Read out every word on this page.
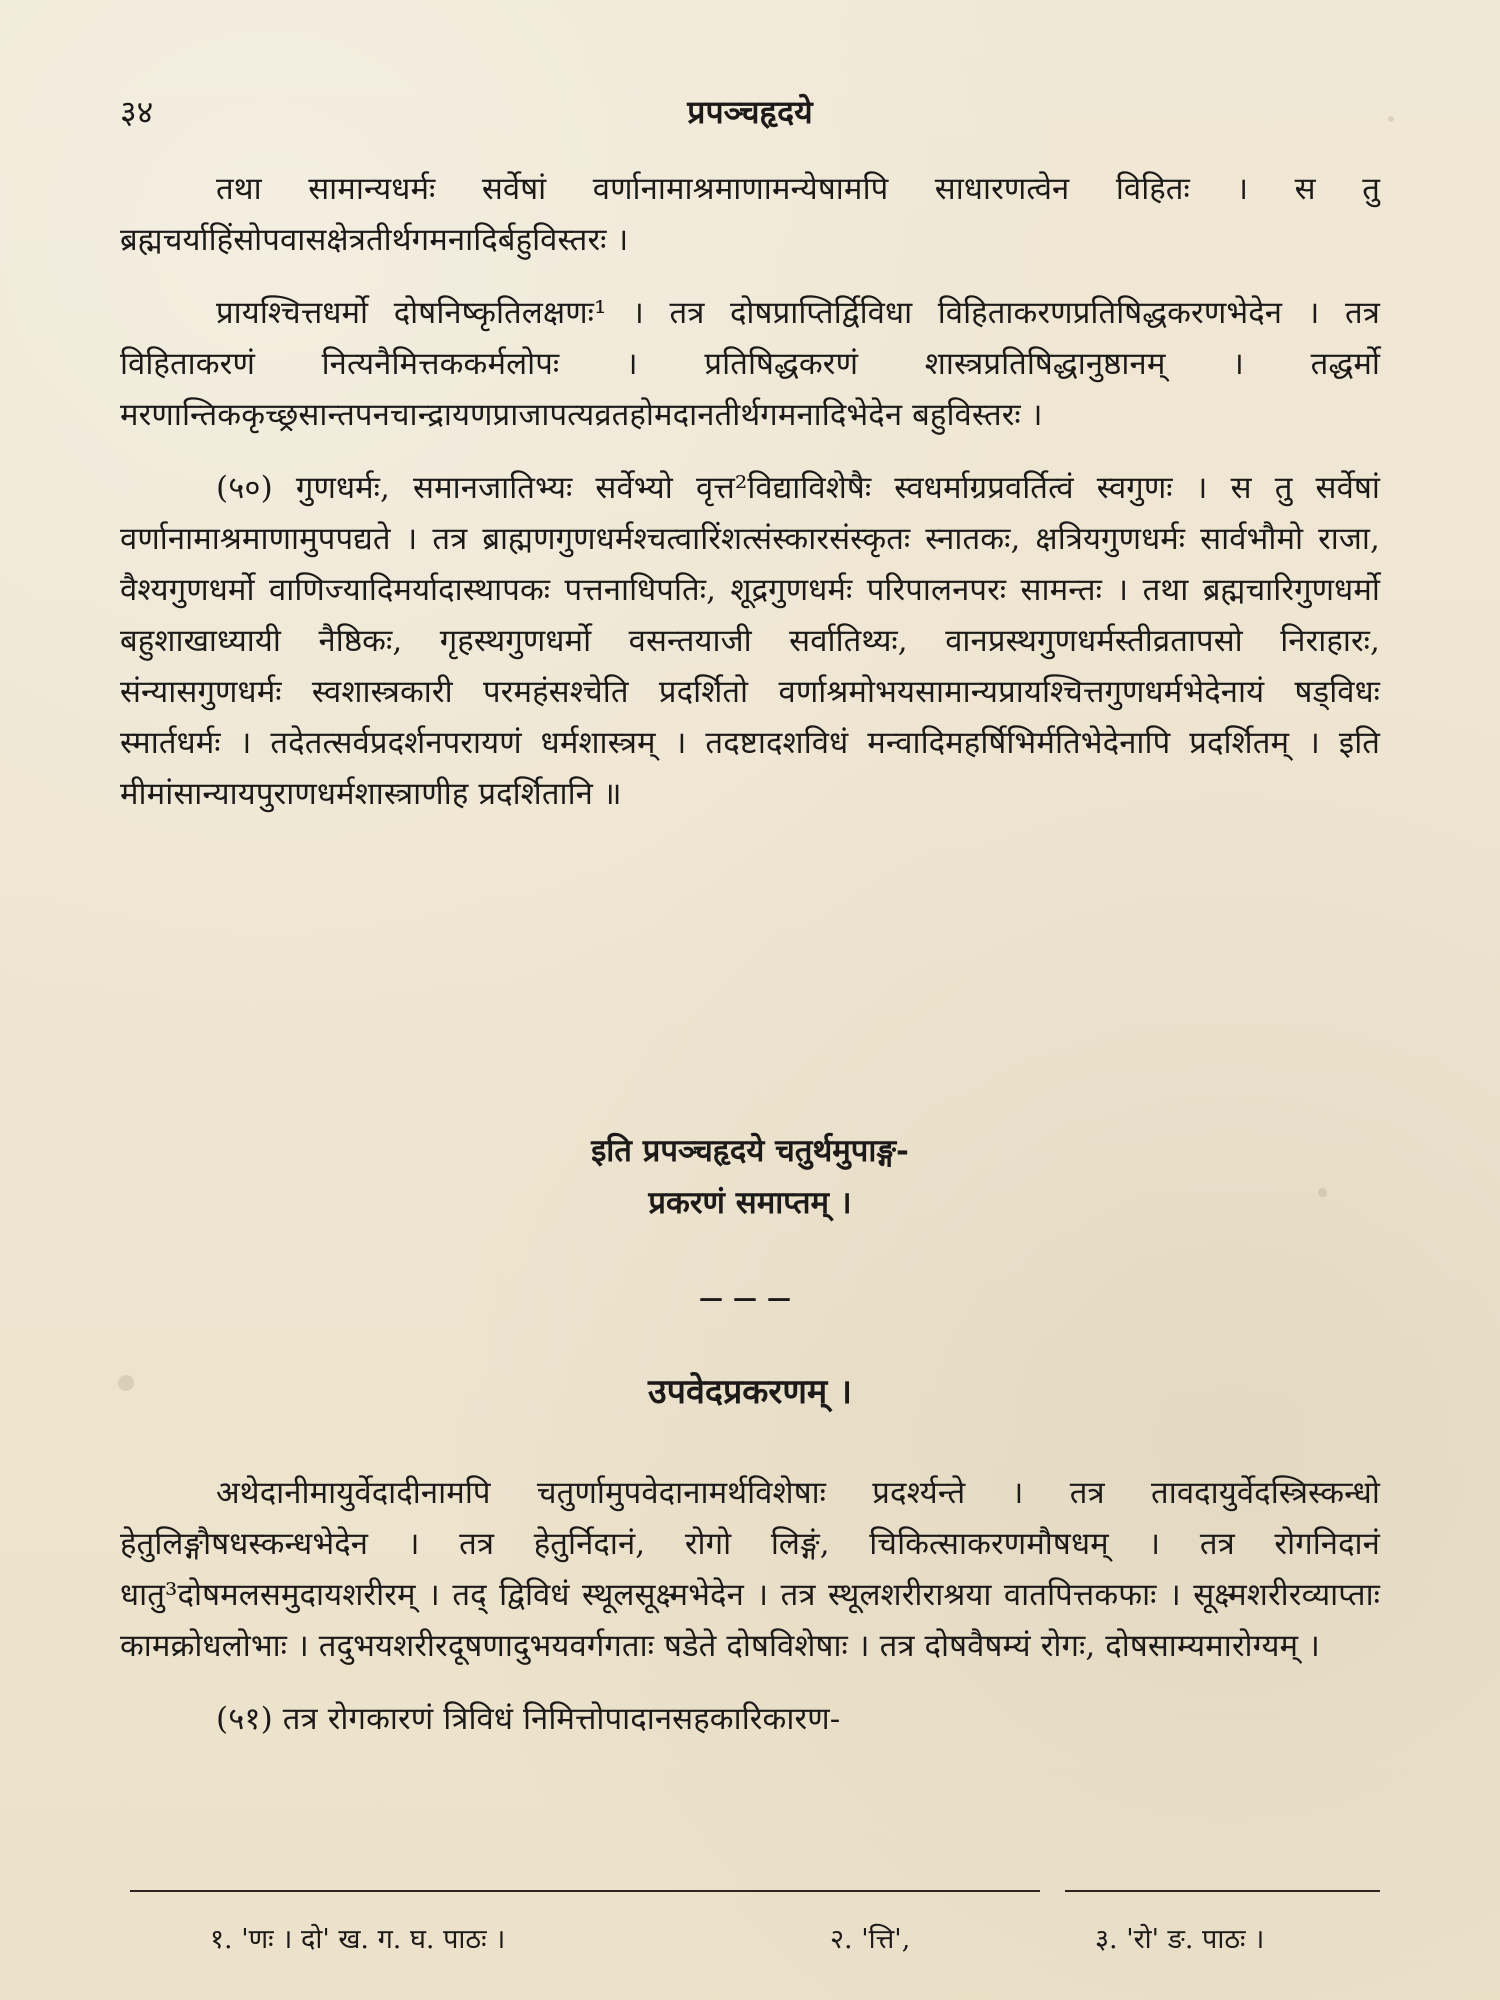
३४	प्रपञ्चहृदये

तथा सामान्यधर्मः सर्वेषां वर्णानामाश्रमाणामन्येषामपि साधारणत्वेन विहितः । स तु ब्रह्मचर्याहिंसोपवासक्षेत्रतीर्थगमनादिर्बहुविस्तरः ।

प्रायश्चित्तधर्मो दोषनिष्कृतिलक्षणः¹ । तत्र दोषप्राप्तिर्द्विविधा विहिताकरणप्रतिषिद्धकरणभेदेन । तत्र विहिताकरणं नित्यनैमित्तककर्मलोपः । प्रतिषिद्धकरणं शास्त्रप्रतिषिद्धानुष्ठानम् । तद्धर्मो मरणान्तिककृच्छ्रसान्तपनचान्द्रायणप्राजापत्यव्रतहोमदानतीर्थगमनादिभेदेन बहुविस्तरः ।

(५०) गुणधर्मः, समानजातिभ्यः सर्वेभ्यो वृत्त²विद्याविशेषैः स्वधर्माग्रप्रवर्तित्वं स्वगुणः । स तु सर्वेषां वर्णानामाश्रमाणामुपपद्यते । तत्र ब्राह्मणगुणधर्मश्चत्वारिंशत्संस्कारसंस्कृतः स्नातकः, क्षत्रियगुणधर्मः सार्वभौमो राजा, वैश्यगुणधर्मो वाणिज्यादिमर्यादास्थापकः पत्तनाधिपतिः, शूद्रगुणधर्मः परिपालनपरः सामन्तः । तथा ब्रह्मचारिगुणधर्मो बहुशाखाध्यायी नैष्ठिकः, गृहस्थगुणधर्मो वसन्तयाजी सर्वातिथ्यः, वानप्रस्थगुणधर्मस्तीव्रतापसो निराहारः, संन्यासगुणधर्मः स्वशास्त्रकारी परमहंसश्चेति प्रदर्शितो वर्णाश्रमोभयसामान्यप्रायश्चित्तगुणधर्मभेदेनायं षड्विधः स्मार्तधर्मः । तदेतत्सर्वप्रदर्शनपरायणं धर्मशास्त्रम् । तदष्टादशविधं मन्वादिमहर्षिभिर्मतिभेदेनापि प्रदर्शितम् । इति मीमांसान्यायपुराणधर्मशास्त्राणीह प्रदर्शितानि ॥

इति प्रपञ्चहृदये चतुर्थमुपाङ्ग-
प्रकरणं समाप्तम् ।
———
उपवेदप्रकरणम् ।

अथेदानीमायुर्वेदादीनामपि चतुर्णामुपवेदानामर्थविशेषाः प्रदर्श्यन्ते । तत्र तावदायुर्वेदस्त्रिस्कन्धो हेतुलिङ्गौषधस्कन्धभेदेन । तत्र हेतुर्निदानं, रोगो लिङ्गं, चिकित्साकरणमौषधम् । तत्र रोगनिदानं धातु³दोषमलसमुदायशरीरम् । तद् द्विविधं स्थूलसूक्ष्मभेदेन । तत्र स्थूलशरीराश्रया वातपित्तकफाः । सूक्ष्मशरीरव्याप्ताः कामक्रोधलोभाः । तदुभयशरीरदूषणादुभयवर्गगताः षडेते दोषविशेषाः । तत्र दोषवैषम्यं रोगः, दोषसाम्यमारोग्यम् ।

(५१) तत्र रोगकारणं त्रिविधं निमित्तोपादानसहकारिकारण-

१. 'णः । दो' ख. ग. घ. पाठः ।	२. 'त्ति',	३. 'रो' ङ. पाठः ।
